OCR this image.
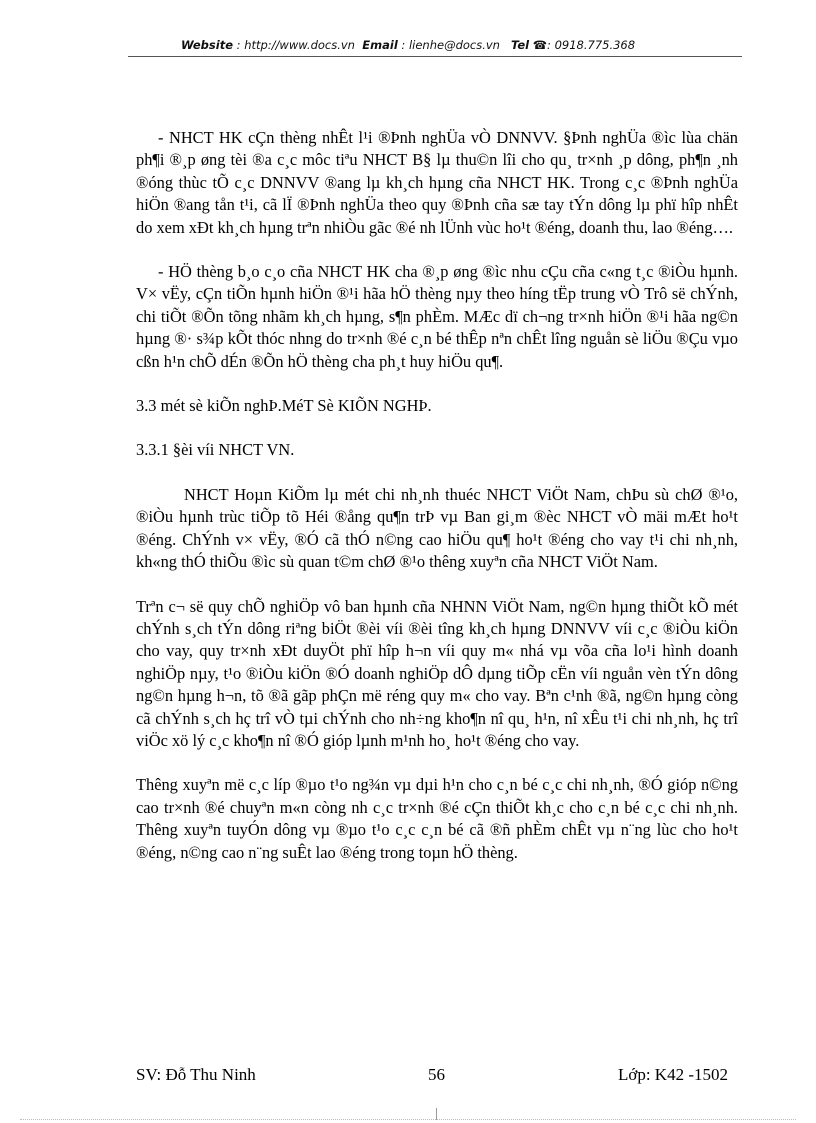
Website : http://www.docs.vn Email : lienhe@docs.vn Tel ☎: 0918.775.368

- NHCT HK cÇn thèng nhÊt l¹i ®Þnh nghÜa vÒ DNNVV. §Þnh nghÜa ®ìc lùa chän ph¶i ®¸p øng tèi ®a c¸c môc tiªu NHCT B§ lµ thu©n lîi cho qu¸ tr×nh ¸p dông, ph¶n ¸nh ®óng thùc tÕ c¸c DNNVV ®ang lµ kh¸ch hµng cña NHCT HK. Trong c¸c ®Þnh nghÜa hiÖn ®ang tån t¹i, cã lÏ ®Þnh nghÜa theo quy ®Þnh cña sæ tay tÝn dông lµ phï hîp nhÊt do xem xÐt kh¸ch hµng trªn nhiÒu gãc ®é nh lÜnh vùc ho¹t ®éng, doanh thu, lao ®éng….

- HÖ thèng b¸o c¸o cña NHCT HK cha ®¸p øng ®ìc nhu cÇu cña c«ng t¸c ®iÒu hµnh. V× vËy, cÇn tiÕn hµnh hiÖn ®¹i hãa hÖ thèng nµy theo híng tËp trung vÒ Trô së chÝnh, chi tiÕt ®Õn tõng nhãm kh¸ch hµng, s¶n phÈm. MÆc dï ch¬ng tr×nh hiÖn ®¹i hãa ng©n hµng ®· s¾p kÕt thóc nhng do tr×nh ®é c¸n bé thÊp nªn chÊt lîng nguån sè liÖu ®Çu vµo cßn h¹n chÕ dÉn ®Õn hÖ thèng cha ph¸t huy hiÖu qu¶.

3.3 mét sè kiÕn nghÞ.MéT Sè KIÕN NGHÞ.

3.3.1 §èi víi NHCT VN.

NHCT Hoµn KiÕm lµ mét chi nh¸nh thuéc NHCT ViÖt Nam, chÞu sù chØ ®¹o, ®iÒu hµnh trùc tiÕp tõ Héi ®ång qu¶n trÞ vµ Ban gi¸m ®èc NHCT vÒ mäi mÆt ho¹t ®éng. ChÝnh v× vËy, ®Ó cã thÓ n©ng cao hiÖu qu¶ ho¹t ®éng cho vay t¹i chi nh¸nh, kh«ng thÓ thiÕu ®ìc sù quan t©m chØ ®¹o thêng xuyªn cña NHCT ViÖt Nam.

Trªn c¬ së quy chÕ nghiÖp vô ban hµnh cña NHNN ViÖt Nam, ng©n hµng thiÕt kÕ mét chÝnh s¸ch tÝn dông riªng biÖt ®èi víi ®èi tîng kh¸ch hµng DNNVV víi c¸c ®iÒu kiÖn cho vay, quy tr×nh xÐt duyÖt phï hîp h¬n víi quy m« nhá vµ võa cña lo¹i hình doanh nghiÖp nµy, t¹o ®iÒu kiÖn ®Ó doanh nghiÖp dÔ dµng tiÕp cËn víi nguån vèn tÝn dông ng©n hµng h¬n, tõ ®ã gãp phÇn më réng quy m« cho vay. Bªn c¹nh ®ã, ng©n hµng còng cã chÝnh s¸ch hç trî vÒ tµi chÝnh cho nh÷ng kho¶n nî qu¸ h¹n, nî xÊu t¹i chi nh¸nh, hç trî viÖc xö lý c¸c kho¶n nî ®Ó gióp lµnh m¹nh ho¸ ho¹t ®éng cho vay.

Thêng xuyªn më c¸c líp ®µo t¹o ng¾n vµ dµi h¹n cho c¸n bé c¸c chi nh¸nh, ®Ó gióp n©ng cao tr×nh ®é chuyªn m«n còng nh c¸c tr×nh ®é cÇn thiÕt kh¸c cho c¸n bé c¸c chi nh¸nh. Thêng xuyªn tuyÓn dông vµ ®µo t¹o c¸c c¸n bé cã ®ñ phÈm chÊt vµ n¨ng lùc cho ho¹t ®éng, n©ng cao n¨ng suÊt lao ®éng trong toµn hÖ thèng.

SV: Đỗ Thu Ninh	56	Lớp: K42 -1502
